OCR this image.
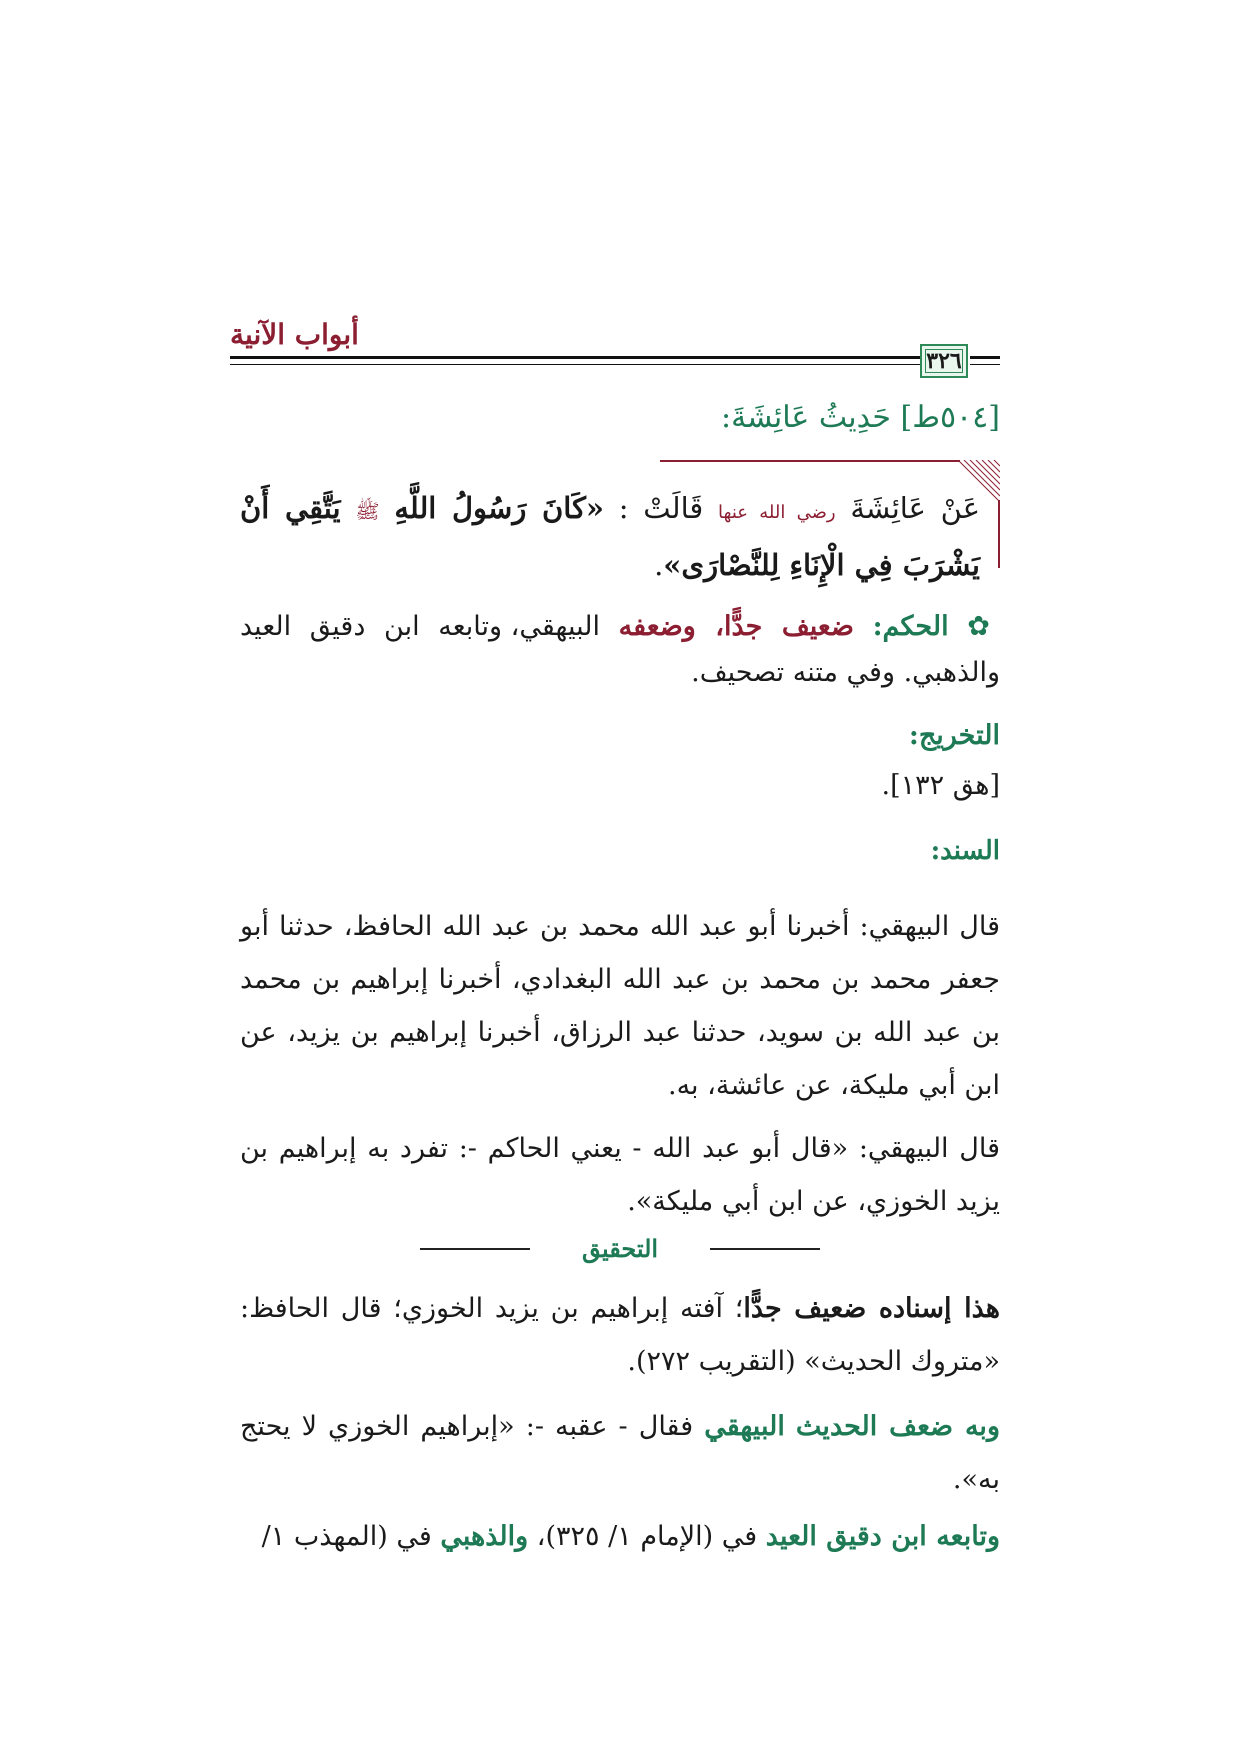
أبواب الآنية
٣٢٦
[٥٠٤ط] حَدِيثُ عَائِشَةَ:
عَنْ عَائِشَةَ رضي الله عنها قَالَتْ : «كَانَ رَسُولُ اللَّهِ ﷺ يَتَّقِي أَنْ يَشْرَبَ فِي الْإِنَاءِ لِلنَّصْارَى».

✿ الحكم: ضعيف جدًّا، وضعفه البيهقي، وتابعه ابن دقيق العيد والذهبي. وفي متنه تصحيف.

التخريج:
[هق ١٣٢].
السند:

قال البيهقي: أخبرنا أبو عبد الله محمد بن عبد الله الحافظ، حدثنا أبو جعفر محمد بن محمد بن عبد الله البغدادي، أخبرنا إبراهيم بن محمد بن عبد الله بن سويد، حدثنا عبد الرزاق، أخبرنا إبراهيم بن يزيد، عن ابن أبي مليكة، عن عائشة، به.

قال البيهقي: «قال أبو عبد الله - يعني الحاكم -: تفرد به إبراهيم بن يزيد الخوزي، عن ابن أبي مليكة».

التحقيق

هذا إسناده ضعيف جدًّا؛ آفته إبراهيم بن يزيد الخوزي؛ قال الحافظ: «متروك الحديث» (التقريب ٢٧٢).

وبه ضعف الحديث البيهقي فقال - عقبه -: «إبراهيم الخوزي لا يحتج به».

وتابعه ابن دقيق العيد في (الإمام ١/ ٣٢٥)، والذهبي في (المهذب ١/
